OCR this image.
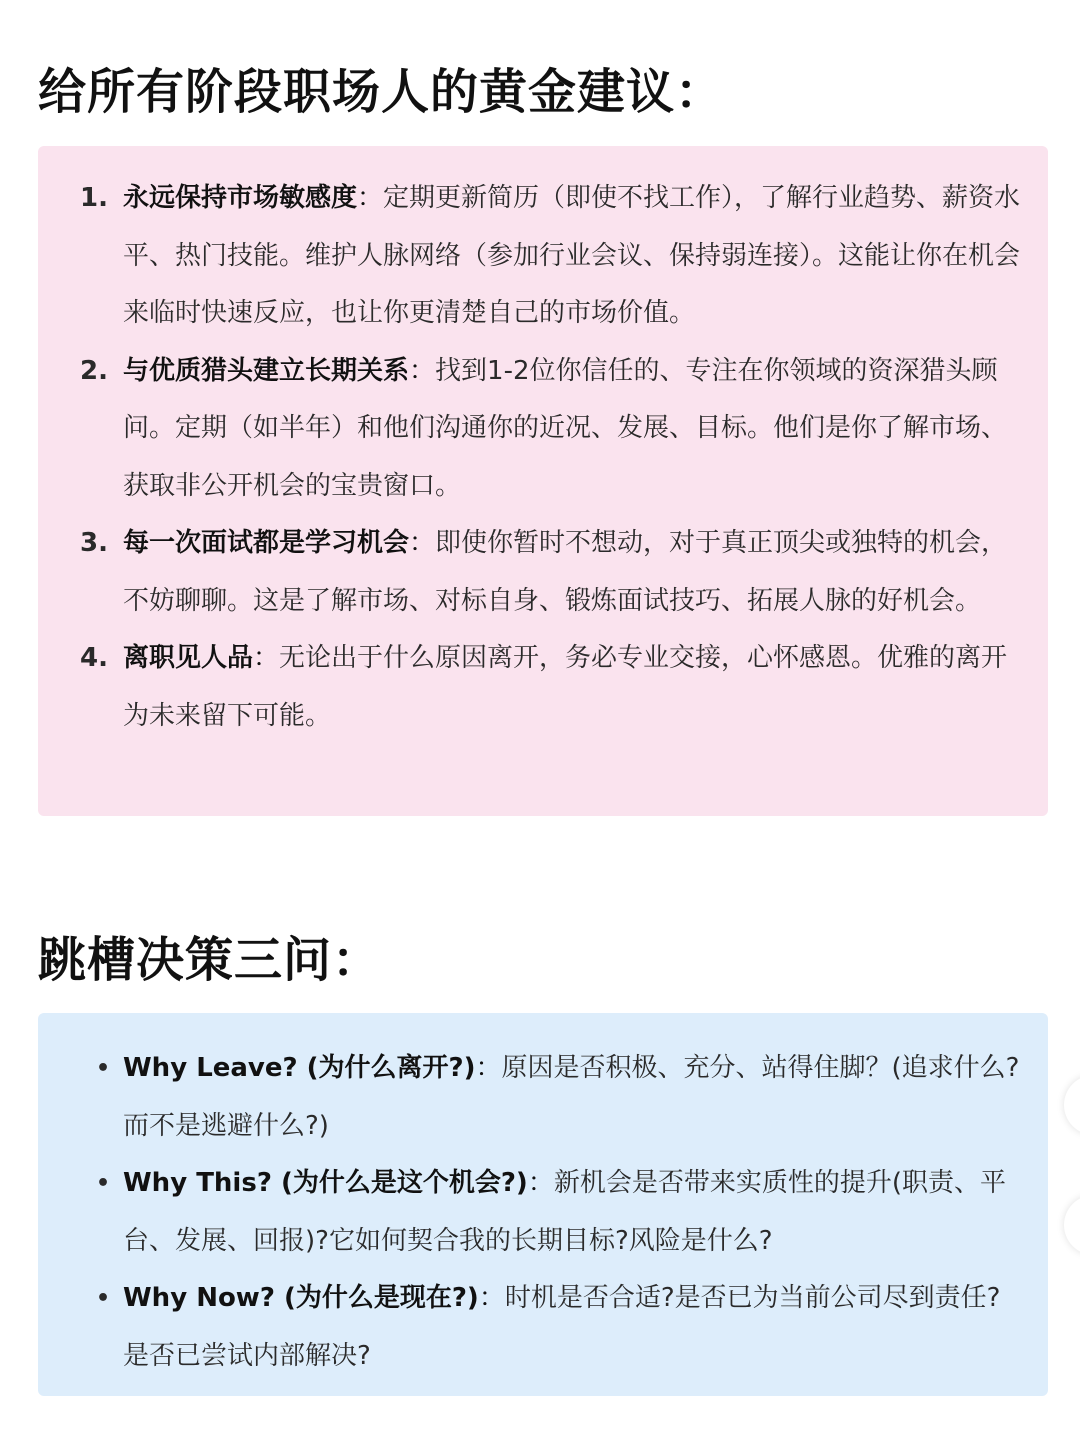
给所有阶段职场人的黄金建议：
1. 永远保持市场敏感度：定期更新简历（即使不找工作），了解行业趋势、薪资水平、热门技能。维护人脉网络（参加行业会议、保持弱连接）。这能让你在机会来临时快速反应，也让你更清楚自己的市场价值。
2. 与优质猎头建立长期关系：找到1-2位你信任的、专注在你领域的资深猎头顾问。定期（如半年）和他们沟通你的近况、发展、目标。他们是你了解市场、获取非公开机会的宝贵窗口。
3. 每一次面试都是学习机会：即使你暂时不想动，对于真正顶尖或独特的机会，不妨聊聊。这是了解市场、对标自身、锻炼面试技巧、拓展人脉的好机会。
4. 离职见人品：无论出于什么原因离开，务必专业交接，心怀感恩。优雅的离开为未来留下可能。
跳槽决策三问：
• Why Leave? (为什么离开?)：原因是否积极、充分、站得住脚？(追求什么?而不是逃避什么?)
• Why This? (为什么是这个机会?)：新机会是否带来实质性的提升(职责、平台、发展、回报)?它如何契合我的长期目标?风险是什么?
• Why Now? (为什么是现在?)：时机是否合适?是否已为当前公司尽到责任?是否已尝试内部解决?
